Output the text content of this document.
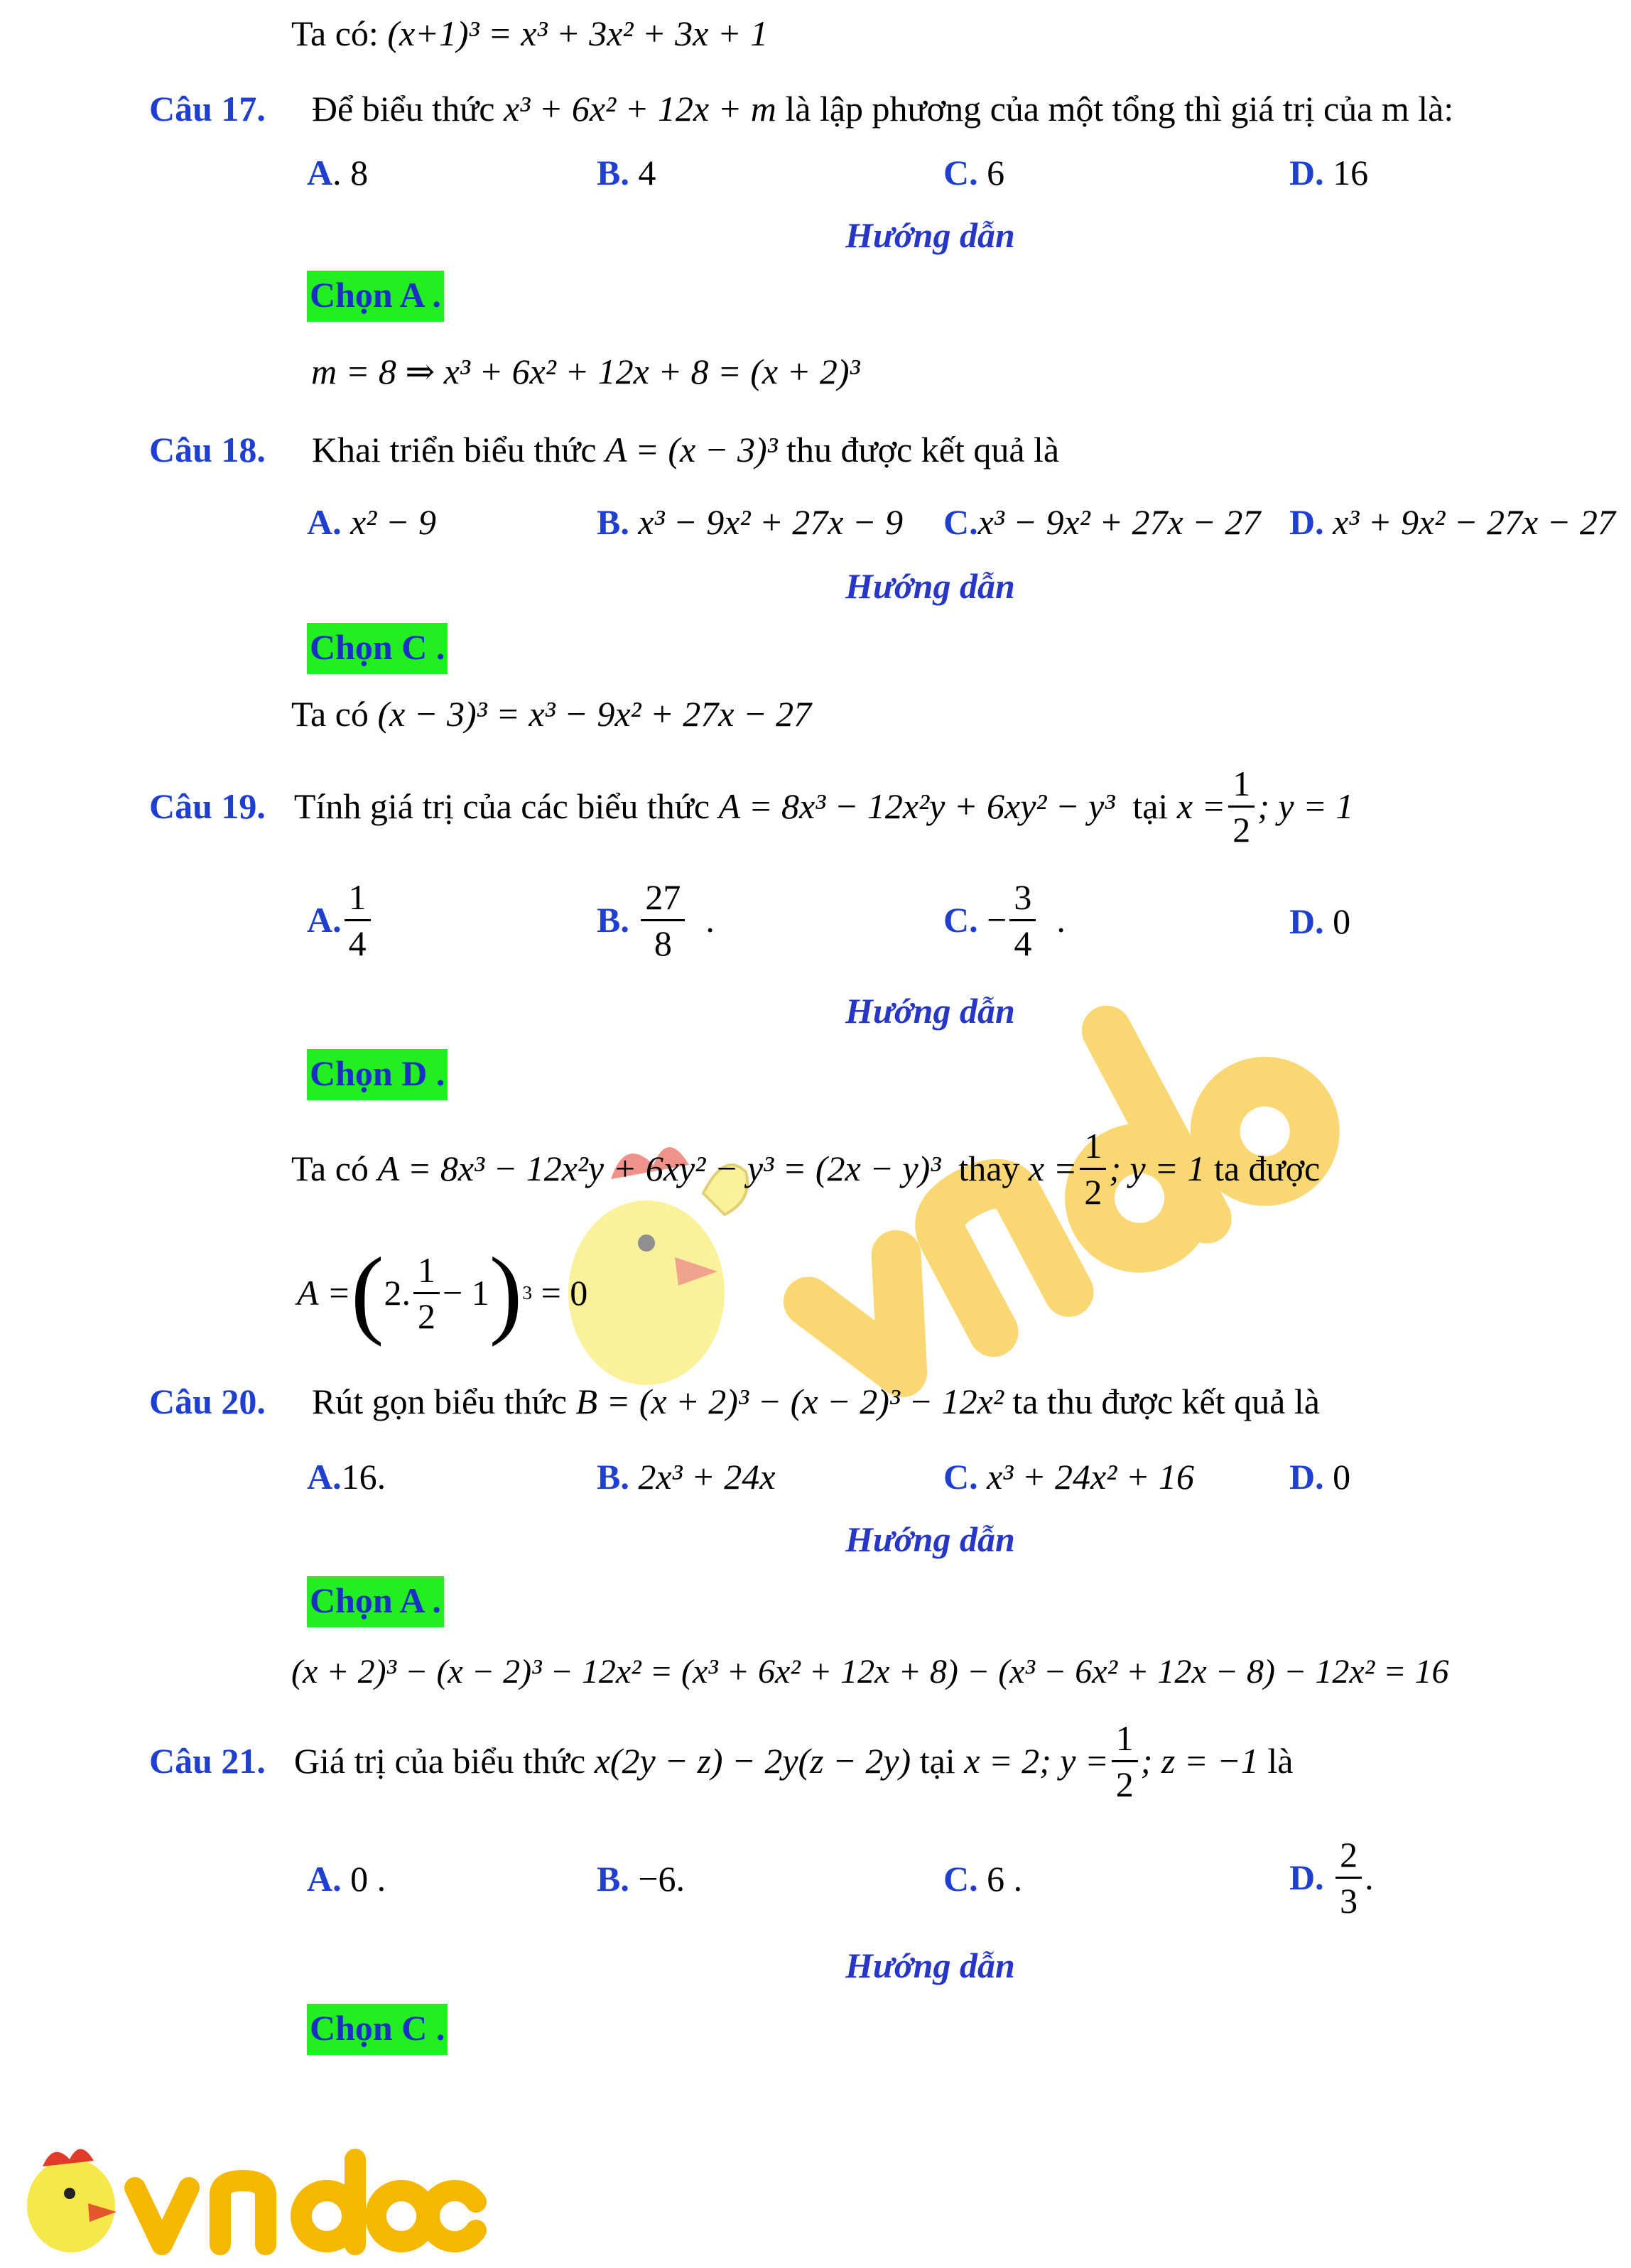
Ta có: (x+1)³ = x³ + 3x² + 3x + 1
Câu 17. Để biểu thức x³ + 6x² + 12x + m là lập phương của một tổng thì giá trị của m là:
A. 8	B. 4	C. 6	D. 16
Hướng dẫn
Chọn A .
m = 8 ⇒ x³ + 6x² + 12x + 8 = (x + 2)³
Câu 18. Khai triển biểu thức A = (x − 3)³ thu được kết quả là
A. x² − 9	B. x³ − 9x² + 27x − 9 C.x³ − 9x² + 27x − 27 D. x³ + 9x² − 27x − 27
Hướng dẫn
Chọn C .
Ta có (x − 3)³ = x³ − 9x² + 27x − 27
Câu 19. Tính giá trị của các biểu thức
A = 8x³ − 12x²y + 6xy² − y³
tại
$x = \frac{1}{2}$ ; y = 1
A. $\frac{1}{4}$	B.
$\frac{27}{8}$
.	C.
− $\frac{3}{4}$
.	D. 0
Hướng dẫn
Chọn D .
Ta có
A = 8x³ − 12x²y + 6xy² − y³ = (2x − y)³
thay
$x = \frac{1}{2}$ ; y = 1
ta được
A = ( 2. $\frac{1}{2} - 1$ ) 3
= 0
Câu 20. Rút gọn biểu thức B = (x + 2)³ − (x − 2)³ − 12x² ta thu được kết quả là
A.16.	B. 2x³ + 24x	C. x³ + 24x² + 16	D. 0
Hướng dẫn
Chọn A .
(x + 2)³ − (x − 2)³ − 12x² = (x³ + 6x² + 12x + 8) − (x³ − 6x² + 12x − 8) − 12x² = 16
Câu 21. Giá trị của biểu thức
x(2y − z) − 2y(z − 2y)
tại
x = 2; $y = \frac{1}{2}$ ; z = −1
là
A. 0 .	B. −6.	C. 6 .	D.
$\frac{2}{3}$ .
Hướng dẫn
Chọn C .
